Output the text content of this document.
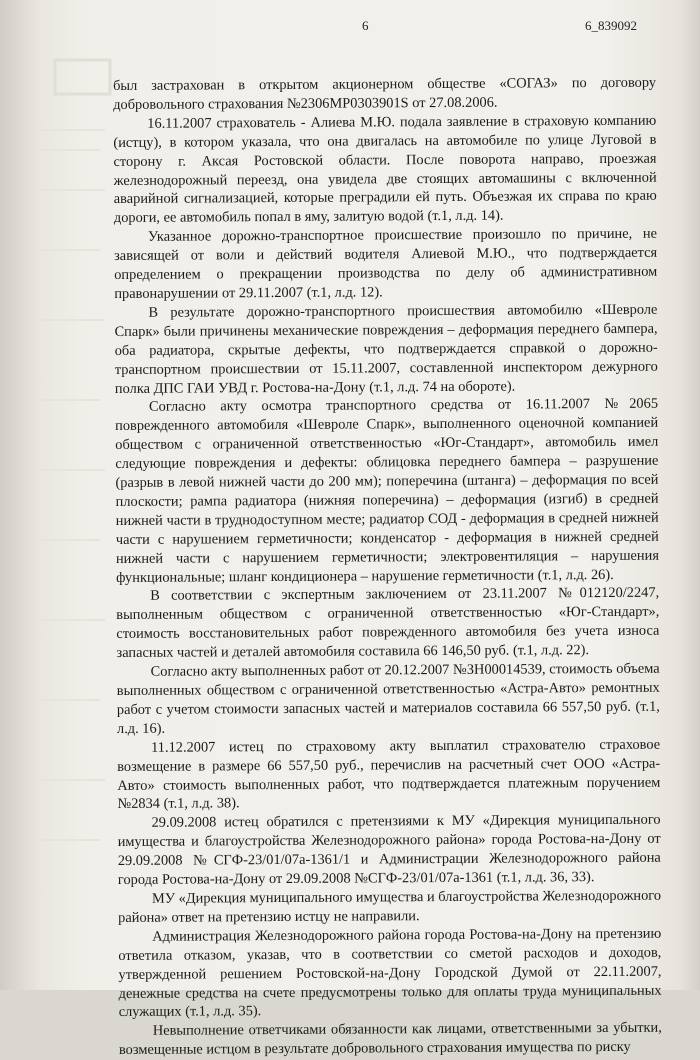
6	6_839092

был застрахован в открытом акционерном обществе «СОГАЗ» по договору добровольного страхования №2306МР0303901S от 27.08.2006.

16.11.2007 страхователь - Алиева М.Ю. подала заявление в страховую компанию (истцу), в котором указала, что она двигалась на автомобиле по улице Луговой в сторону г. Аксая Ростовской области. После поворота направо, проезжая железнодорожный переезд, она увидела две стоящих автомашины с включенной аварийной сигнализацией, которые преградили ей путь. Объезжая их справа по краю дороги, ее автомобиль попал в яму, залитую водой (т.1, л.д. 14).

Указанное дорожно-транспортное происшествие произошло по причине, не зависящей от воли и действий водителя Алиевой М.Ю., что подтверждается определением о прекращении производства по делу об административном правонарушении от 29.11.2007 (т.1, л.д. 12).

В результате дорожно-транспортного происшествия автомобилю «Шевроле Спарк» были причинены механические повреждения – деформация переднего бампера, оба радиатора, скрытые дефекты, что подтверждается справкой о дорожно-транспортном происшествии от 15.11.2007, составленной инспектором дежурного полка ДПС ГАИ УВД г. Ростова-на-Дону (т.1, л.д. 74 на обороте).

Согласно акту осмотра транспортного средства от 16.11.2007 №2065 поврежденного автомобиля «Шевроле Спарк», выполненного оценочной компанией обществом с ограниченной ответственностью «Юг-Стандарт», автомобиль имел следующие повреждения и дефекты: облицовка переднего бампера – разрушение (разрыв в левой нижней части до 200 мм); поперечина (штанга) – деформация по всей плоскости; рампа радиатора (нижняя поперечина) – деформация (изгиб) в средней нижней части в труднодоступном месте; радиатор СОД - деформация в средней нижней части с нарушением герметичности; конденсатор - деформация в нижней средней нижней части с нарушением герметичности; электровентиляция – нарушения функциональные; шланг кондиционера – нарушение герметичности (т.1, л.д. 26).

В соответствии с экспертным заключением от 23.11.2007 №012120/2247, выполненным обществом с ограниченной ответственностью «Юг-Стандарт», стоимость восстановительных работ поврежденного автомобиля без учета износа запасных частей и деталей автомобиля составила 66 146,50 руб. (т.1, л.д. 22).

Согласно акту выполненных работ от 20.12.2007 №ЗН00014539, стоимость объема выполненных обществом с ограниченной ответственностью «Астра-Авто» ремонтных работ с учетом стоимости запасных частей и материалов составила 66 557,50 руб. (т.1, л.д. 16).

11.12.2007 истец по страховому акту выплатил страхователю страховое возмещение в размере 66 557,50 руб., перечислив на расчетный счет ООО «Астра-Авто» стоимость выполненных работ, что подтверждается платежным поручением №2834 (т.1, л.д. 38).

29.09.2008 истец обратился с претензиями к МУ «Дирекция муниципального имущества и благоустройства Железнодорожного района» города Ростова-на-Дону от 29.09.2008 №СГФ-23/01/07а-1361/1 и Администрации Железнодорожного района города Ростова-на-Дону от 29.09.2008 №СГФ-23/01/07а-1361 (т.1, л.д. 36, 33).

МУ «Дирекция муниципального имущества и благоустройства Железнодорожного района» ответ на претензию истцу не направили.

Администрация Железнодорожного района города Ростова-на-Дону на претензию ответила отказом, указав, что в соответствии со сметой расходов и доходов, утвержденной решением Ростовской-на-Дону Городской Думой от 22.11.2007, денежные средства на счете предусмотрены только для оплаты труда муниципальных служащих (т.1, л.д. 35).

Невыполнение ответчиками обязанности как лицами, ответственными за убытки, возмещенные истцом в результате добровольного страхования имущества по риску
